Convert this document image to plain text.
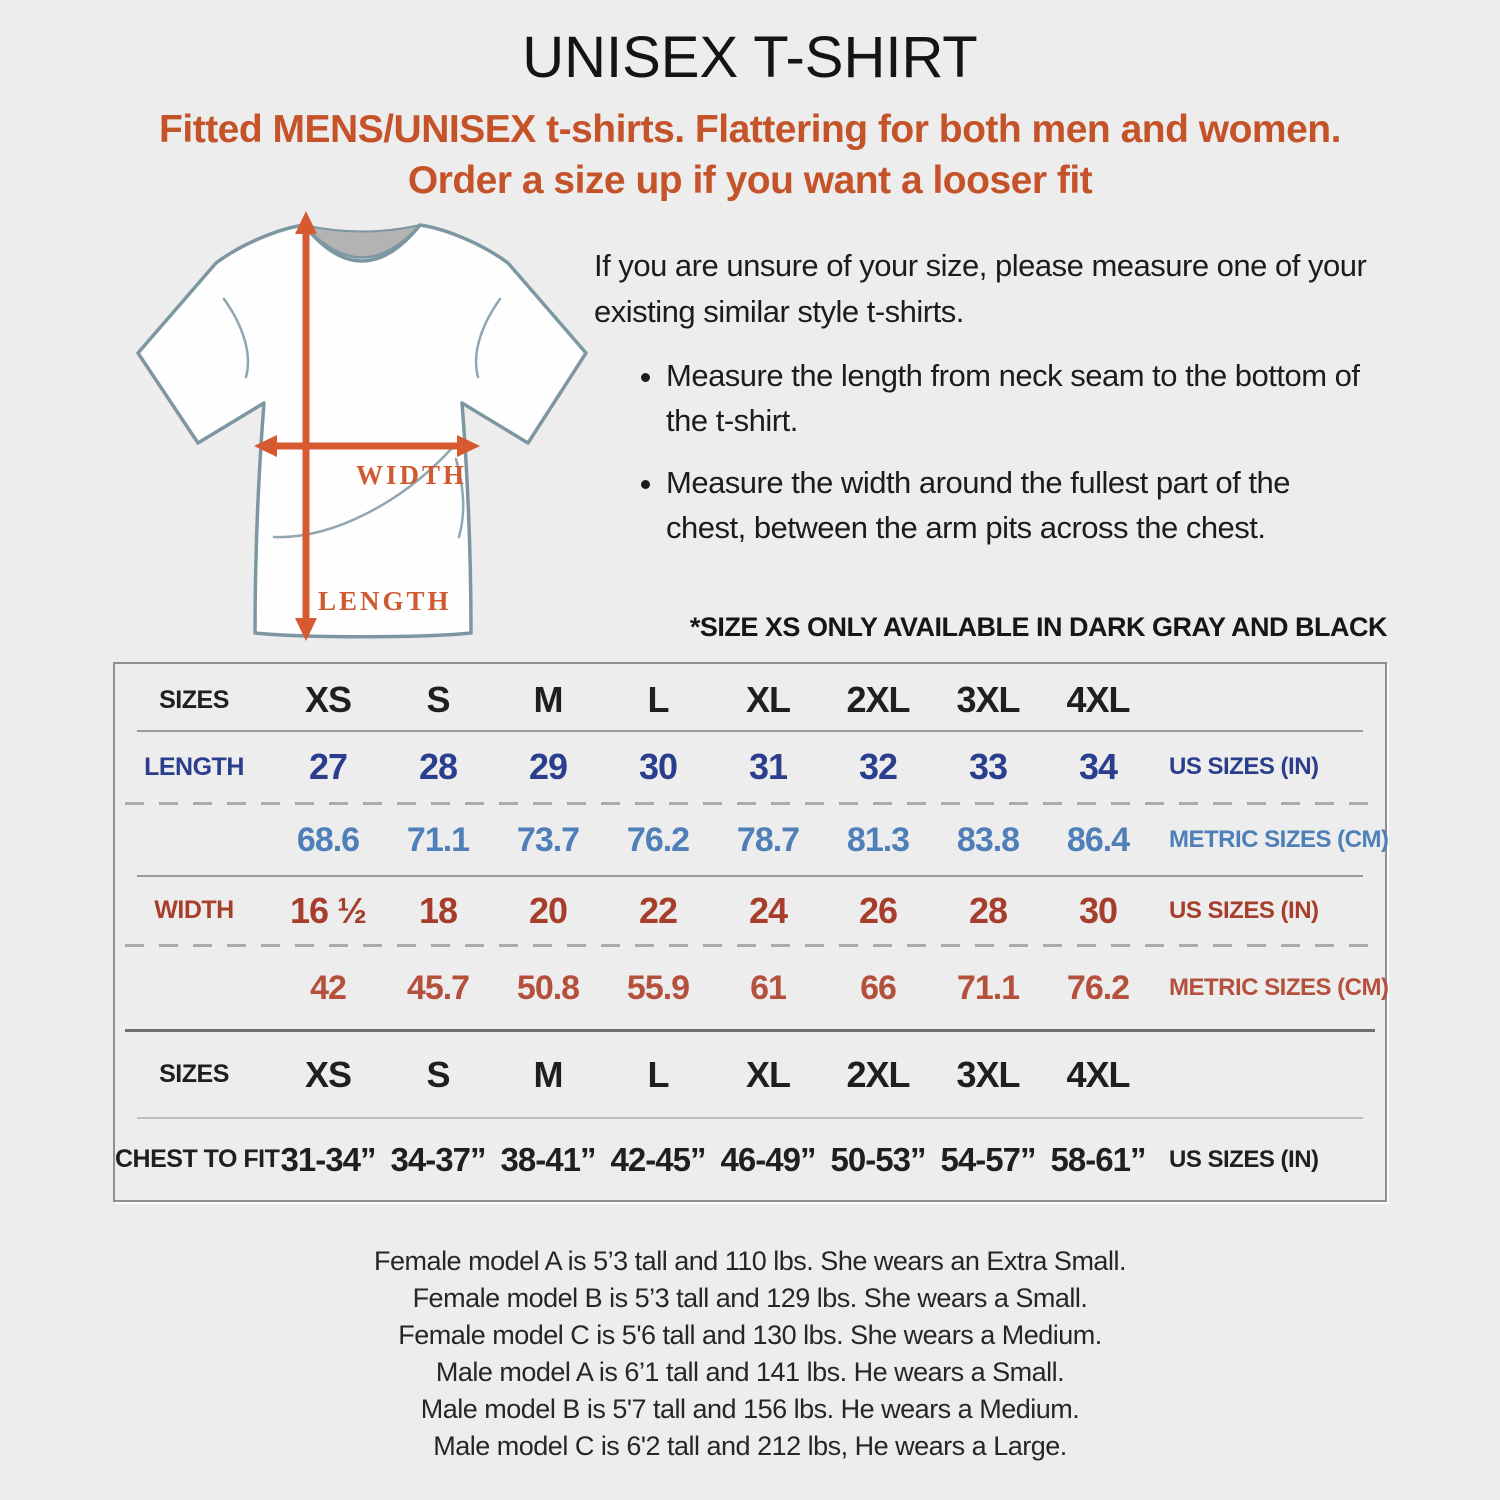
UNISEX T-SHIRT
Fitted MENS/UNISEX t-shirts. Flattering for both men and women.
Order a size up if you want a looser fit
WIDTH
LENGTH
If you are unsure of your size, please measure one of your existing similar style t-shirts.
• Measure the length from neck seam to the bottom of the t-shirt.
• Measure the width around the fullest part of the chest, between the arm pits across the chest.
*SIZE XS ONLY AVAILABLE IN DARK GRAY AND BLACK
SIZES	XS	S	M	L	XL	2XL	3XL	4XL
LENGTH	27	28	29	30	31	32	33	34	US SIZES (IN)
68.6	71.1	73.7	76.2	78.7	81.3	83.8	86.4	METRIC SIZES (CM)
WIDTH	16 ½	18	20	22	24	26	28	30	US SIZES (IN)
42	45.7	50.8	55.9	61	66	71.1	76.2	METRIC SIZES (CM)
SIZES	XS	S	M	L	XL	2XL	3XL	4XL
CHEST TO FIT 31-34” 34-37” 38-41” 42-45” 46-49” 50-53” 54-57” 58-61” US SIZES (IN)
Female model A is 5’3 tall and 110 lbs. She wears an Extra Small.
Female model B is 5’3 tall and 129 lbs. She wears a Small.
Female model C is 5'6 tall and 130 lbs. She wears a Medium.
Male model A is 6’1 tall and 141 lbs. He wears a Small.
Male model B is 5'7 tall and 156 lbs. He wears a Medium.
Male model C is 6'2 tall and 212 lbs, He wears a Large.
